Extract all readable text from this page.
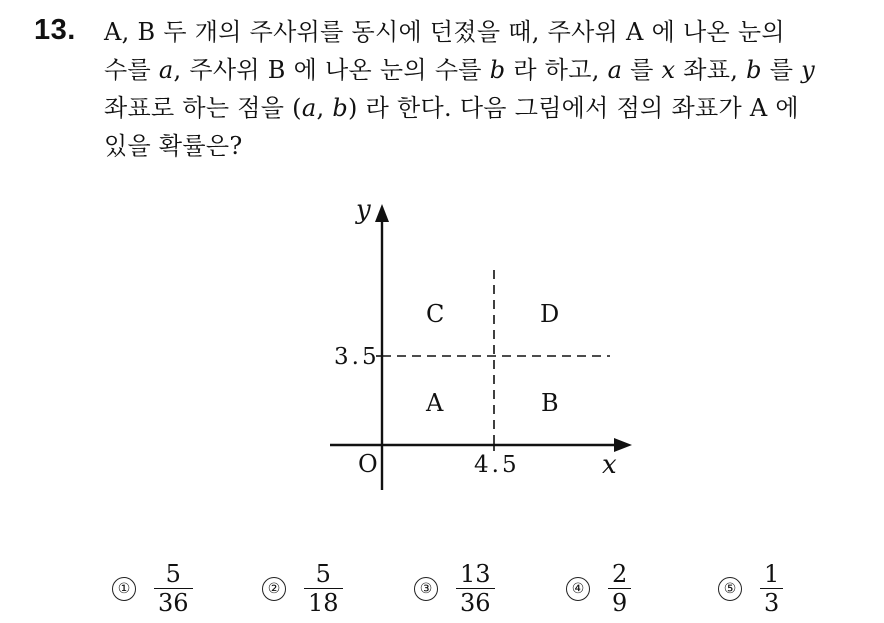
13. A, B 두 개의 주사위를 동시에 던졌을 때, 주사위 A 에 나온 눈의
수를 a, 주사위 B 에 나온 눈의 수를 b 라 하고, a 를 x 좌표, b 를 y
좌표로 하는 점을 (a, b) 라 한다. 다음 그림에서 점의 좌표가 A 에
있을 확률은?
y
x
O	4.5
3.5
C	D
A	B
① $\frac{5}{36}$	② $\frac{5}{18}$	③ $\frac{13}{36}$	④ $\frac{2}{9}$	⑤ $\frac{1}{3}$
